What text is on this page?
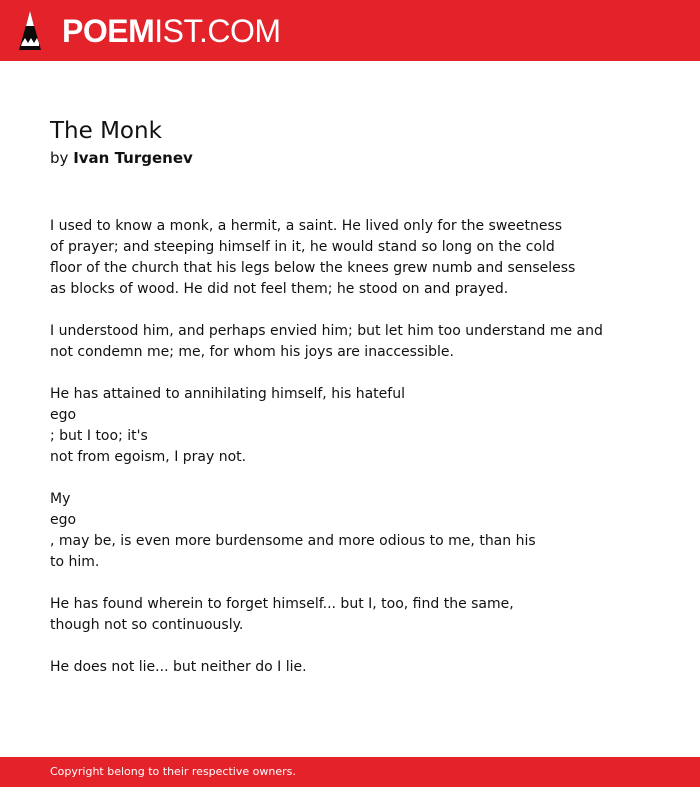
POEMIST.COM
The Monk
by Ivan Turgenev

I used to know a monk, a hermit, a saint. He lived only for the sweetness
of prayer; and steeping himself in it, he would stand so long on the cold
floor of the church that his legs below the knees grew numb and senseless
as blocks of wood. He did not feel them; he stood on and prayed.

I understood him, and perhaps envied him; but let him too understand me and
not condemn me; me, for whom his joys are inaccessible.

He has attained to annihilating himself, his hateful
ego
; but I too; it's
not from egoism, I pray not.

My
ego
, may be, is even more burdensome and more odious to me, than his
to him.

He has found wherein to forget himself... but I, too, find the same,
though not so continuously.

He does not lie... but neither do I lie.

Copyright belong to their respective owners.
